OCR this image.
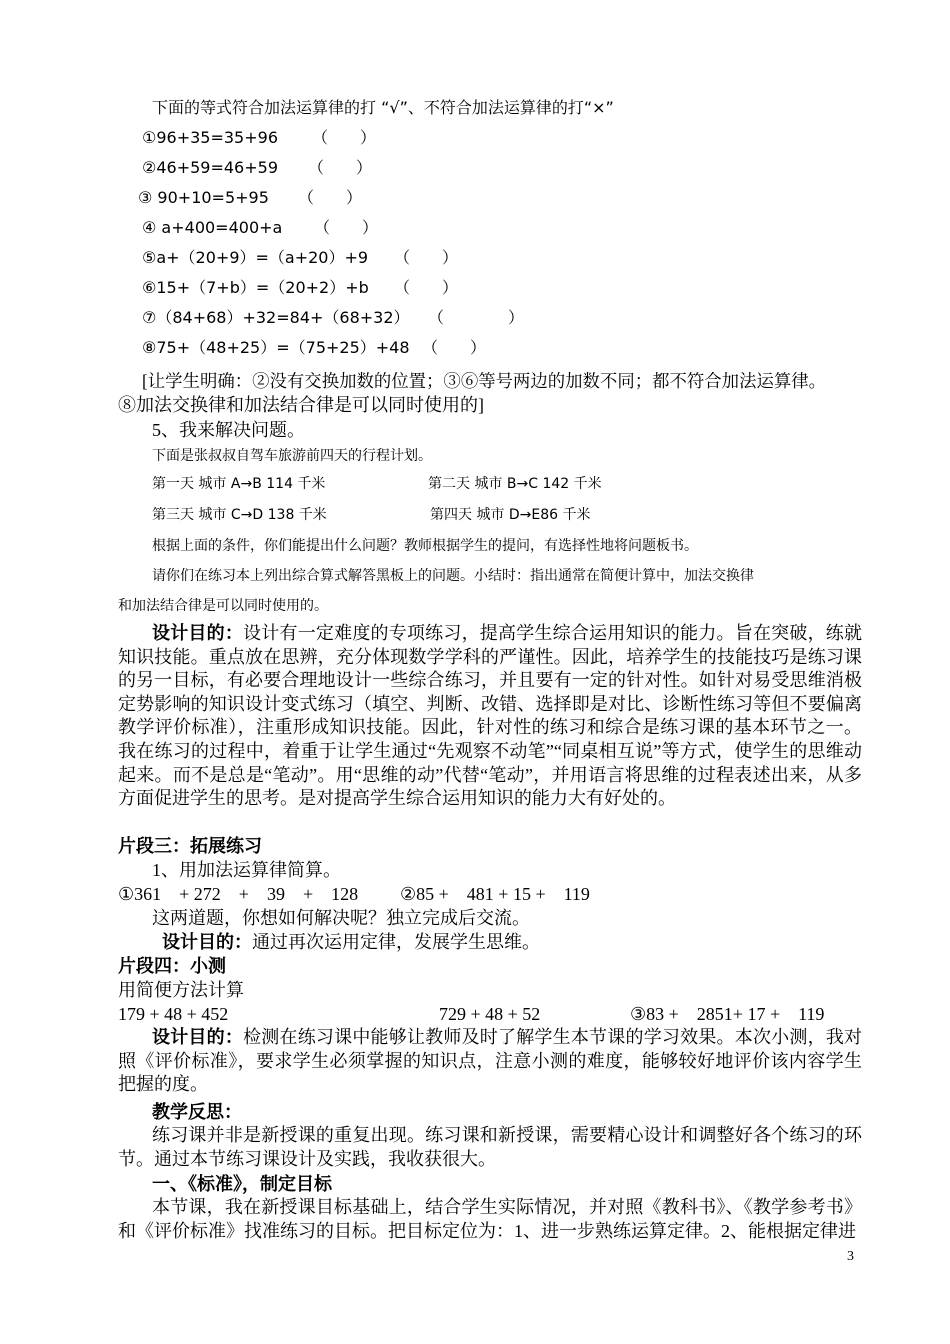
下面的等式符合加法运算律的打 “√”、不符合加法运算律的打“×”
①96+35=35+96 （　　）
②46+59=46+59 （　　）
③ 90+10=5+95 （　　）
④ a+400=400+a （　　）
⑤a+（20+9）=（a+20）+9 （　　）
⑥15+（7+b）=（20+2）+b （　　）
⑦（84+68）+32=84+（68+32） （　　　　）
⑧75+（48+25）=（75+25）+48 （　　）
[让学生明确：②没有交换加数的位置；③⑥等号两边的加数不同；都不符合加法运算律。
⑧加法交换律和加法结合律是可以同时使用的]
5、我来解决问题。
下面是张叔叔自驾车旅游前四天的行程计划。
第一天 城市 A→B 114 千米	第二天 城市 B→C 142 千米
第三天 城市 C→D 138 千米	第四天 城市 D→E86 千米
根据上面的条件，你们能提出什么问题？教师根据学生的提问，有选择性地将问题板书。
请你们在练习本上列出综合算式解答黑板上的问题。小结时：指出通常在简便计算中，加法交换律
和加法结合律是可以同时使用的。
设计目的：设计有一定难度的专项练习，提高学生综合运用知识的能力。旨在突破，练就知识技能。重点放在思辨，充分体现数学学科的严谨性。因此，培养学生的技能技巧是练习课的另一目标，有必要合理地设计一些综合练习，并且要有一定的针对性。如针对易受思维消极定势影响的知识设计变式练习（填空、判断、改错、选择即是对比、诊断性练习等但不要偏离教学评价标准），注重形成知识技能。因此，针对性的练习和综合是练习课的基本环节之一。我在练习的过程中，着重于让学生通过“先观察不动笔”“同桌相互说”等方式，使学生的思维动起来。而不是总是“笔动”。用“思维的动”代替“笔动”，并用语言将思维的过程表述出来，从多方面促进学生的思考。是对提高学生综合运用知识的能力大有好处的。
片段三：拓展练习
1、用加法运算律简算。
①361　+ 272　+　39　+　128 ②85 +　481 + 15 +　119
这两道题，你想如何解决呢？独立完成后交流。
设计目的：通过再次运用定律，发展学生思维。
片段四：小测
用简便方法计算
179 + 48 + 452	729 + 48 + 52	③83 +　2851+ 17 +　119
设计目的：检测在练习课中能够让教师及时了解学生本节课的学习效果。本次小测，我对照《评价标准》，要求学生必须掌握的知识点，注意小测的难度，能够较好地评价该内容学生把握的度。
教学反思：
练习课并非是新授课的重复出现。练习课和新授课，需要精心设计和调整好各个练习的环节。通过本节练习课设计及实践，我收获很大。
一、《标准》，制定目标
本节课，我在新授课目标基础上，结合学生实际情况，并对照《教科书》、《教学参考书》和《评价标准》找准练习的目标。把目标定位为：1、进一步熟练运算定律。2、能根据定律进
3
